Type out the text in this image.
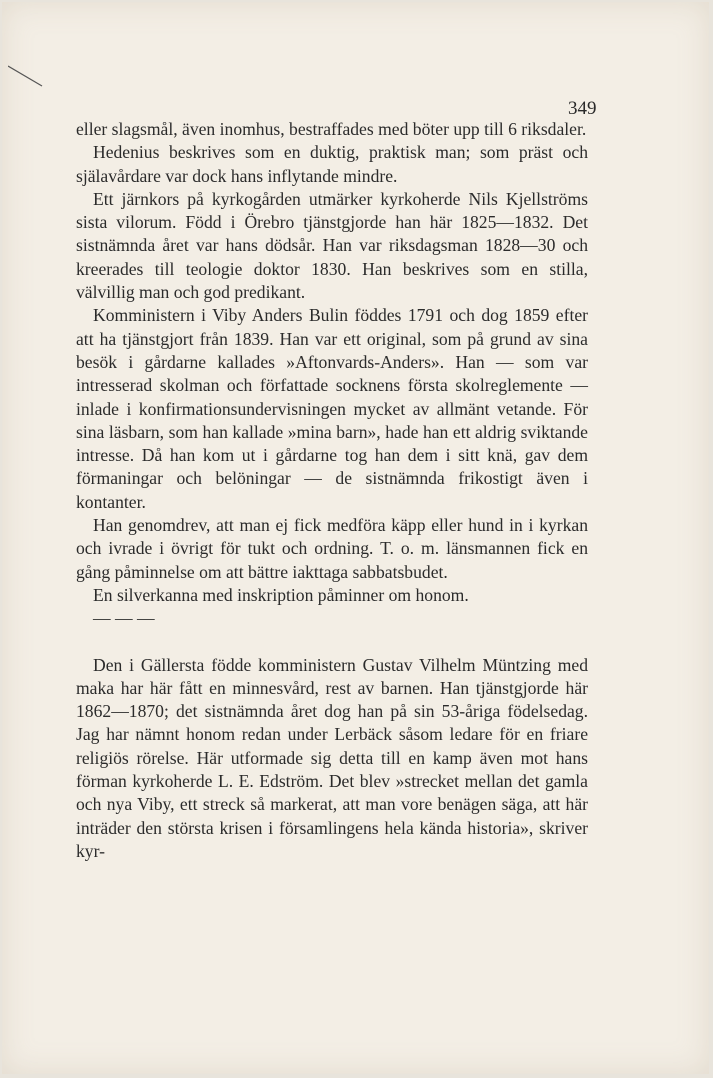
349

eller slagsmål, även inomhus, bestraffades med böter upp till 6 riksdaler.

Hedenius beskrives som en duktig, praktisk man; som präst och själavårdare var dock hans inflytande mindre.

Ett järnkors på kyrkogården utmärker kyrkoherde Nils Kjellströms sista vilorum. Född i Örebro tjänstgjorde han här 1825—1832. Det sistnämnda året var hans dödsår. Han var riksdagsman 1828—30 och kreerades till teologie doktor 1830. Han beskrives som en stilla, välvillig man och god predikant.

Komministern i Viby Anders Bulin föddes 1791 och dog 1859 efter att ha tjänstgjort från 1839. Han var ett original, som på grund av sina besök i gårdarne kallades »Aftonvards-Anders». Han — som var intresserad skolman och författade socknens första skolreglemente — inlade i konfirmationsundervisningen mycket av allmänt vetande. För sina läsbarn, som han kallade »mina barn», hade han ett aldrig sviktande intresse. Då han kom ut i gårdarne tog han dem i sitt knä, gav dem förmaningar och belöningar — de sistnämnda frikostigt även i kontanter.

Han genomdrev, att man ej fick medföra käpp eller hund in i kyrkan och ivrade i övrigt för tukt och ordning. T. o. m. länsmannen fick en gång påminnelse om att bättre iakttaga sabbatsbudet.

En silverkanna med inskription påminner om honom.

— — —

Den i Gällersta födde komministern Gustav Vilhelm Müntzing med maka har här fått en minnesvård, rest av barnen. Han tjänstgjorde här 1862—1870; det sistnämnda året dog han på sin 53-åriga födelsedag. Jag har nämnt honom redan under Lerbäck såsom ledare för en friare religiös rörelse. Här utformade sig detta till en kamp även mot hans förman kyrkoherde L. E. Edström. Det blev »strecket mellan det gamla och nya Viby, ett streck så markerat, att man vore benägen säga, att här inträder den största krisen i församlingens hela kända historia», skriver kyr-
